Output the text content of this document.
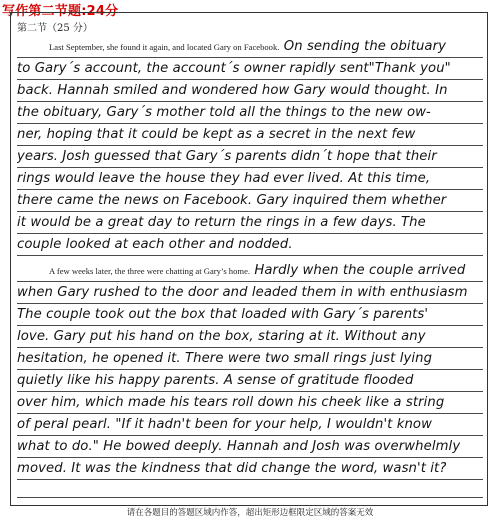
写作第二节题:24分
第二节（25 分）
Last September, she found it again, and located Gary on Facebook. On sending the obituary
to Gary´s account, the account´s owner rapidly sent"Thank you"
back. Hannah smiled and wondered how Gary would thought. In
the obituary, Gary´s mother told all the things to the new ow-
ner, hoping that it could be kept as a secret in the next few
years. Josh guessed that Gary´s parents didn´t hope that their
rings would leave the house they had ever lived. At this time,
there came the news on Facebook. Gary inquired them whether
it would be a great day to return the rings in a few days. The
couple looked at each other and nodded.
A few weeks later, the three were chatting at Gary’s home. Hardly when the couple arrived
when Gary rushed to the door and leaded them in with enthusiasm
The couple took out the box that loaded with Gary´s parents'
love. Gary put his hand on the box, staring at it. Without any
hesitation, he opened it. There were two small rings just lying
quietly like his happy parents. A sense of gratitude flooded
over him, which made his tears roll down his cheek like a string
of peral pearl. "If it hadn't been for your help, I wouldn't know
what to do." He bowed deeply. Hannah and Josh was overwhelmly
moved. It was the kindness that did change the word, wasn't it?
请在各题目的答题区域内作答，超出矩形边框限定区域的答案无效
